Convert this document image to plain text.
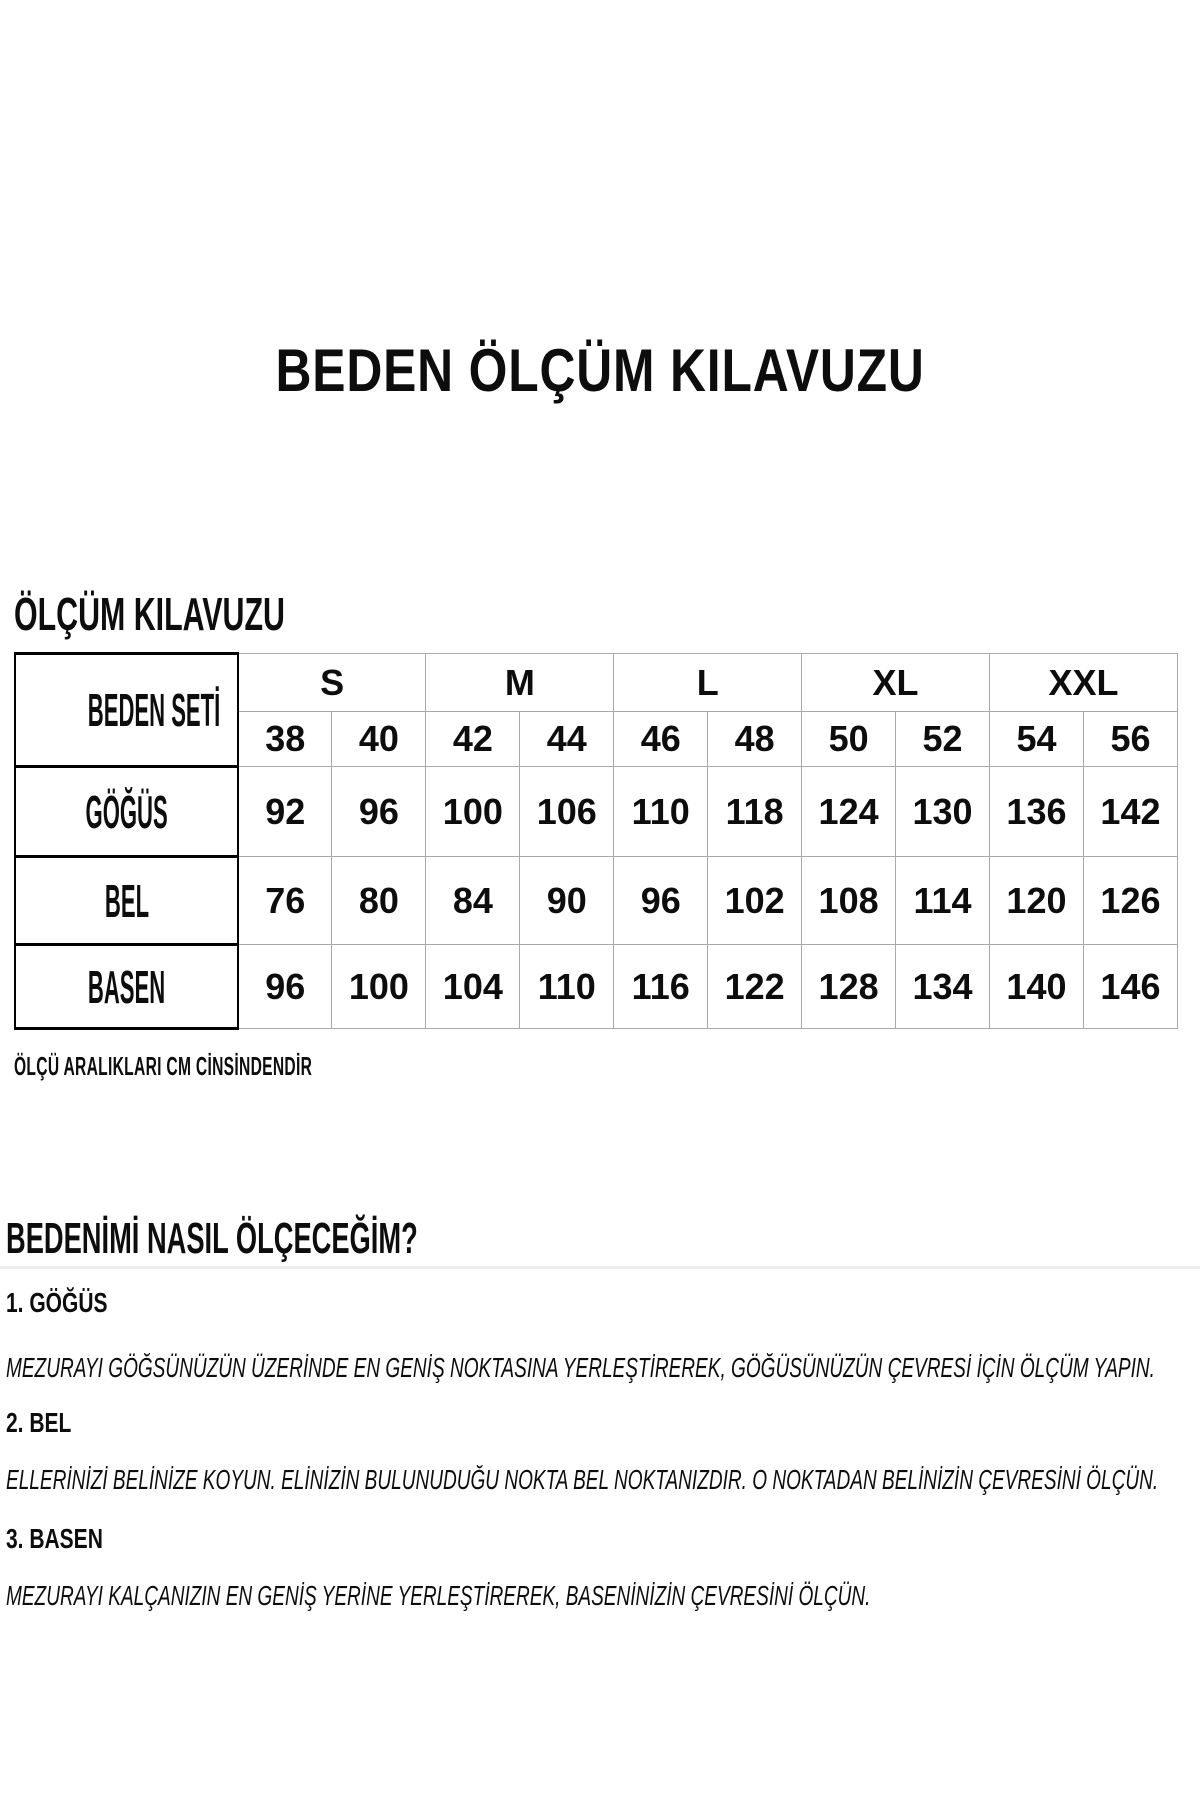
BEDEN ÖLÇÜM KILAVUZU
ÖLÇÜM KILAVUZU
BEDEN SETİ	S		M		L		XL		XXL	
	38	40	42	44	46	48	50	52	54	56
GÖĞÜS	92	96	100	106	110	118	124	130	136	142
BEL	76	80	84	90	96	102	108	114	120	126
BASEN	96	100	104	110	116	122	128	134	140	146

ÖLÇÜ ARALIKLARI CM CİNSİNDENDİR

BEDENİMİ NASIL ÖLÇECEĞİM?
1. GÖĞÜS

MEZURAYI GÖĞSÜNÜZÜN ÜZERİNDE EN GENİŞ NOKTASINA YERLEŞTİREREK, GÖĞÜSÜNÜZÜN ÇEVRESİ İÇİN ÖLÇÜM YAPIN.

2. BEL

ELLERİNİZİ BELİNİZE KOYUN. ELİNİZİN BULUNUDUĞU NOKTA BEL NOKTANIZDIR. O NOKTADAN BELİNİZİN ÇEVRESİNİ ÖLÇÜN.

3. BASEN

MEZURAYI KALÇANIZIN EN GENİŞ YERİNE YERLEŞTİREREK, BASENİNİZİN ÇEVRESİNİ ÖLÇÜN.
